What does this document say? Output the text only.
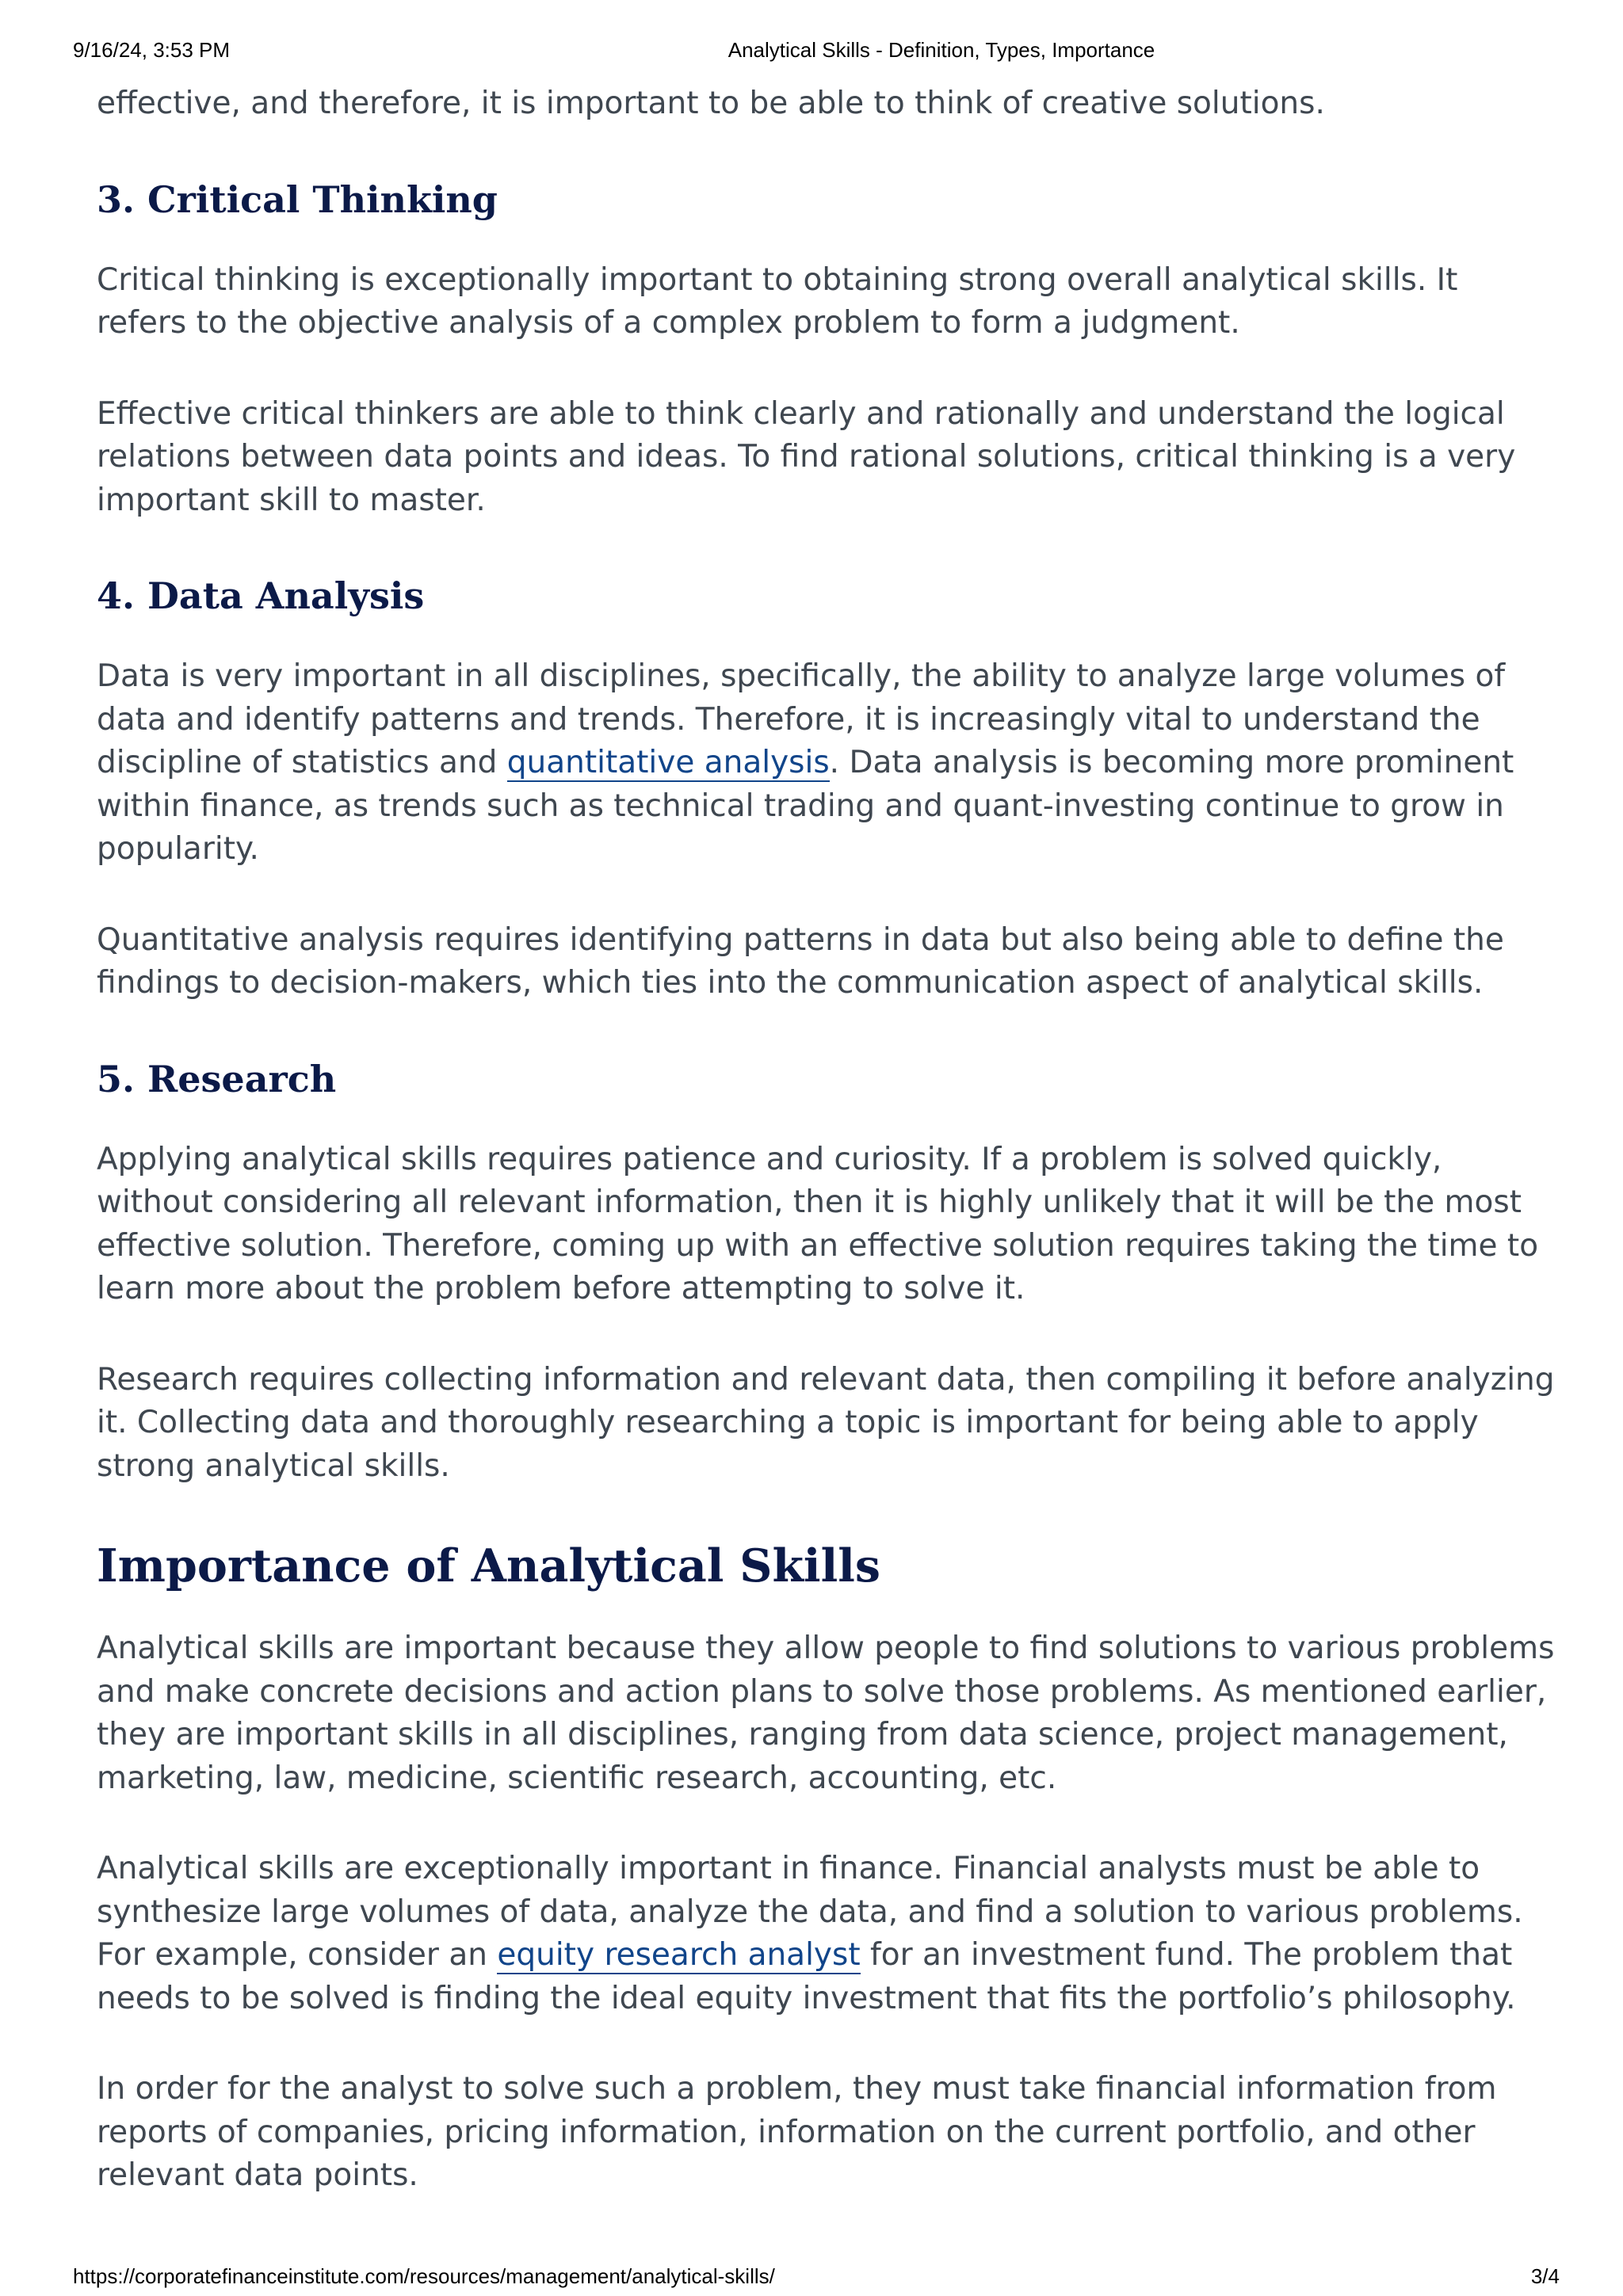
9/16/24, 3:53 PM	Analytical Skills - Definition, Types, Importance

effective, and therefore, it is important to be able to think of creative solutions.

3. Critical Thinking

Critical thinking is exceptionally important to obtaining strong overall analytical skills. It refers to the objective analysis of a complex problem to form a judgment.

Effective critical thinkers are able to think clearly and rationally and understand the logical relations between data points and ideas. To find rational solutions, critical thinking is a very important skill to master.

4. Data Analysis

Data is very important in all disciplines, specifically, the ability to analyze large volumes of data and identify patterns and trends. Therefore, it is increasingly vital to understand the discipline of statistics and quantitative analysis. Data analysis is becoming more prominent within finance, as trends such as technical trading and quant-investing continue to grow in popularity.

Quantitative analysis requires identifying patterns in data but also being able to define the findings to decision-makers, which ties into the communication aspect of analytical skills.

5. Research

Applying analytical skills requires patience and curiosity. If a problem is solved quickly, without considering all relevant information, then it is highly unlikely that it will be the most effective solution. Therefore, coming up with an effective solution requires taking the time to learn more about the problem before attempting to solve it.

Research requires collecting information and relevant data, then compiling it before analyzing it. Collecting data and thoroughly researching a topic is important for being able to apply strong analytical skills.

Importance of Analytical Skills

Analytical skills are important because they allow people to find solutions to various problems and make concrete decisions and action plans to solve those problems. As mentioned earlier, they are important skills in all disciplines, ranging from data science, project management, marketing, law, medicine, scientific research, accounting, etc.

Analytical skills are exceptionally important in finance. Financial analysts must be able to synthesize large volumes of data, analyze the data, and find a solution to various problems. For example, consider an equity research analyst for an investment fund. The problem that needs to be solved is finding the ideal equity investment that fits the portfolio’s philosophy.

In order for the analyst to solve such a problem, they must take financial information from reports of companies, pricing information, information on the current portfolio, and other relevant data points.

https://corporatefinanceinstitute.com/resources/management/analytical-skills/	3/4
